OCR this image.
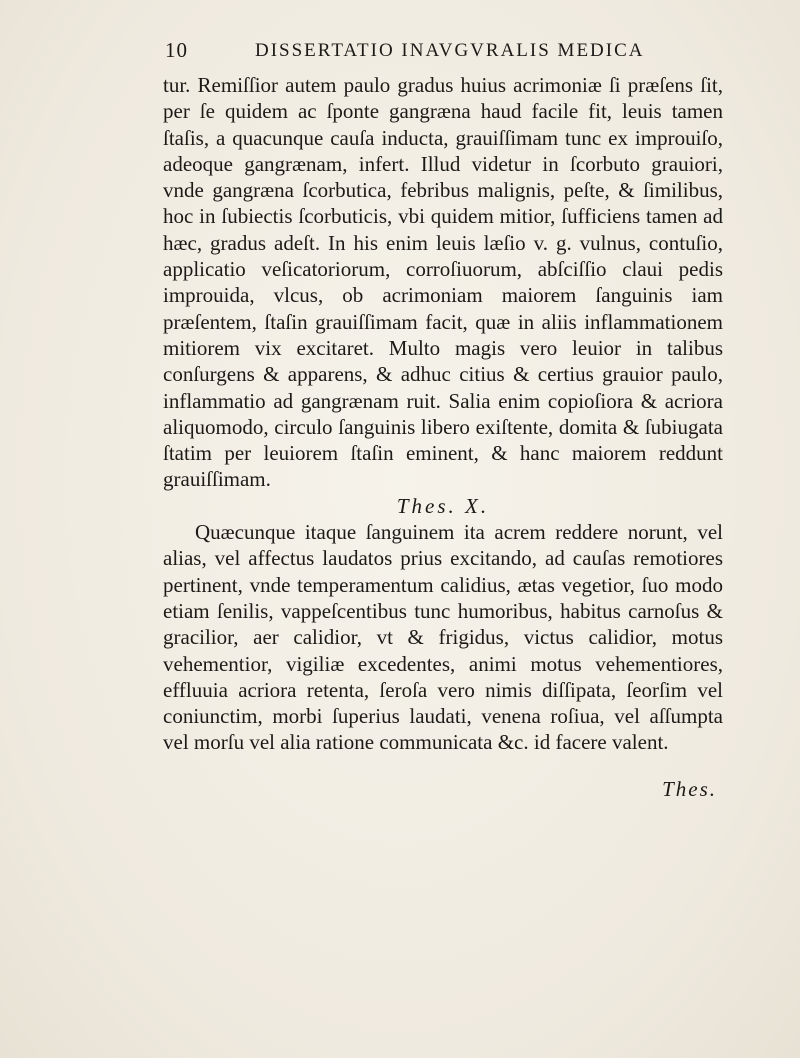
10	DISSERTATIO INAVGVRALIS MEDICA

tur. Remiſſior autem paulo gradus huius acrimoniæ ſi præſens ſit, per ſe quidem ac ſponte gangræna haud facile fit, leuis tamen ſtaſis, a quacunque cauſa inducta, grauiſſimam tunc ex improuiſo, adeoque gangrænam, infert. Illud videtur in ſcorbuto grauiori, vnde gangræna ſcorbutica, febribus malignis, peſte, & ſimilibus, hoc in ſubiectis ſcorbuticis, vbi quidem mitior, ſufficiens tamen ad hæc, gradus adeſt. In his enim leuis læſio v. g. vulnus, contuſio, applicatio veſicatoriorum, corroſiuorum, abſciſſio claui pedis improuida, vlcus, ob acrimoniam maiorem ſanguinis iam præſentem, ſtaſin grauiſſimam facit, quæ in aliis inflammationem mitiorem vix excitaret. Multo magis vero leuior in talibus conſurgens & apparens, & adhuc citius & certius grauior paulo, inflammatio ad gangrænam ruit. Salia enim copioſiora & acriora aliquomodo, circulo ſanguinis libero exiſtente, domita & ſubiugata ſtatim per leuiorem ſtaſin eminent, & hanc maiorem reddunt grauiſſimam.

Thes. X.

Quæcunque itaque ſanguinem ita acrem reddere norunt, vel alias, vel affectus laudatos prius excitando, ad cauſas remotiores pertinent, vnde temperamentum calidius, ætas vegetior, ſuo modo etiam ſenilis, vappeſcentibus tunc humoribus, habitus carnoſus & gracilior, aer calidior, vt & frigidus, victus calidior, motus vehementior, vigiliæ excedentes, animi motus vehementiores, effluuia acriora retenta, ſeroſa vero nimis diſſipata, ſeorſim vel coniunctim, morbi ſuperius laudati, venena roſiua, vel aſſumpta vel morſu vel alia ratione communicata &c. id facere valent.

Thes.
